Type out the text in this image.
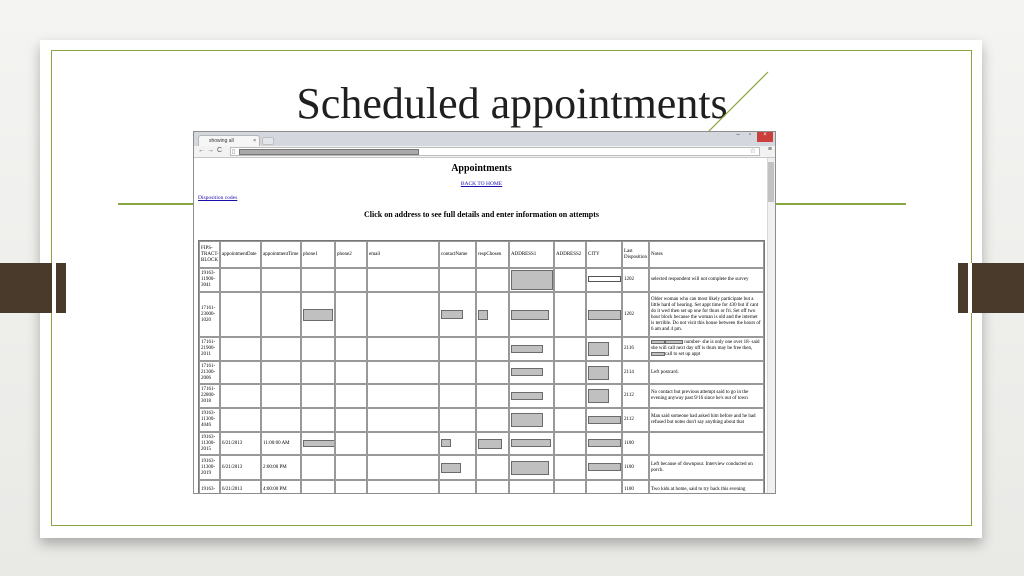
Scheduled appointments
showing all	×
–	▫	×
← → C ▯	☆ ≡
Appointments
BACK TO HOME
Disposition codes
Click on address to see full details and enter information on attempts
FIPS-TRACT-BLOCK	appointmentDate	appointmentTime	phone1	phone2	email	contactName	respChosen	ADDRESS1	ADDRESS2	CITY	Last Disposition	Notes
19163-11900-3041											1202	selected respondent will not complete the survey
17161-23000-1020											1202	Older woman who can most likely participate but a little hard of hearing. Set appt time for 430 but if cant do it wed then set up one for thurs or fri. Set off two hour block because the woman is old and the internet is terrible. Do not visit this house between the hours of 6 am and 4 pm.
17161-21900-2011											2116	number- she is only one over 18- said she will call next day off is thurs may be free then, call to set up appt
17161-21300-2006											2114	Left postcard.
17161-22800-3018											2112	No contact but previous attempt said to go in the evening anyway past 9/16 since he's out of town
19163-11300-4046											2112	Man said someone had asked him before and he had refused but notes don't say anything about that
19163-11300-2015	6/21/2013	11:00:00 AM									1100	
19163-11300-2019	6/21/2013	2:00:00 PM									1100	Left because of downpour. Interview conducted on porch.
19163-	6/21/2013	4:00:00 PM									1100	Two kids at home, said to try back this evening
